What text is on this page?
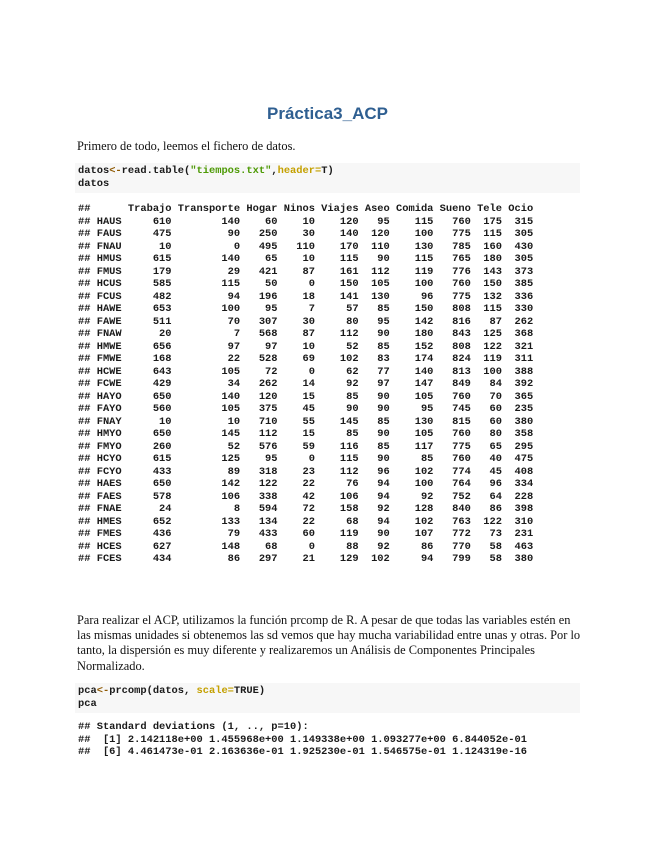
Práctica3_ACP

Primero de todo, leemos el fichero de datos.

datos<-read.table("tiempos.txt",header=T)
datos
##      Trabajo Transporte Hogar Ninos Viajes Aseo Comida Sueno Tele Ocio
## HAUS     610        140    60    10    120   95    115   760  175  315
## FAUS     475         90   250    30    140  120    100   775  115  305
## FNAU      10          0   495   110    170  110    130   785  160  430
## HMUS     615        140    65    10    115   90    115   765  180  305
## FMUS     179         29   421    87    161  112    119   776  143  373
## HCUS     585        115    50     0    150  105    100   760  150  385
## FCUS     482         94   196    18    141  130     96   775  132  336
## HAWE     653        100    95     7     57   85    150   808  115  330
## FAWE     511         70   307    30     80   95    142   816   87  262
## FNAW      20          7   568    87    112   90    180   843  125  368
## HMWE     656         97    97    10     52   85    152   808  122  321
## FMWE     168         22   528    69    102   83    174   824  119  311
## HCWE     643        105    72     0     62   77    140   813  100  388
## FCWE     429         34   262    14     92   97    147   849   84  392
## HAYO     650        140   120    15     85   90    105   760   70  365
## FAYO     560        105   375    45     90   90     95   745   60  235
## FNAY      10         10   710    55    145   85    130   815   60  380
## HMYO     650        145   112    15     85   90    105   760   80  358
## FMYO     260         52   576    59    116   85    117   775   65  295
## HCYO     615        125    95     0    115   90     85   760   40  475
## FCYO     433         89   318    23    112   96    102   774   45  408
## HAES     650        142   122    22     76   94    100   764   96  334
## FAES     578        106   338    42    106   94     92   752   64  228
## FNAE      24          8   594    72    158   92    128   840   86  398
## HMES     652        133   134    22     68   94    102   763  122  310
## FMES     436         79   433    60    119   90    107   772   73  231
## HCES     627        148    68     0     88   92     86   770   58  463
## FCES     434         86   297    21    129  102     94   799   58  380

Para realizar el ACP, utilizamos la función prcomp de R. A pesar de que todas las variables estén en las mismas unidades si obtenemos las sd vemos que hay mucha variabilidad entre unas y otras. Por lo tanto, la dispersión es muy diferente y realizaremos un Análisis de Componentes Principales Normalizado.

pca<-prcomp(datos, scale=TRUE)
pca
## Standard deviations (1, .., p=10):
##  [1] 2.142118e+00 1.455968e+00 1.149338e+00 1.093277e+00 6.844052e-01
##  [6] 4.461473e-01 2.163636e-01 1.925230e-01 1.546575e-01 1.124319e-16
